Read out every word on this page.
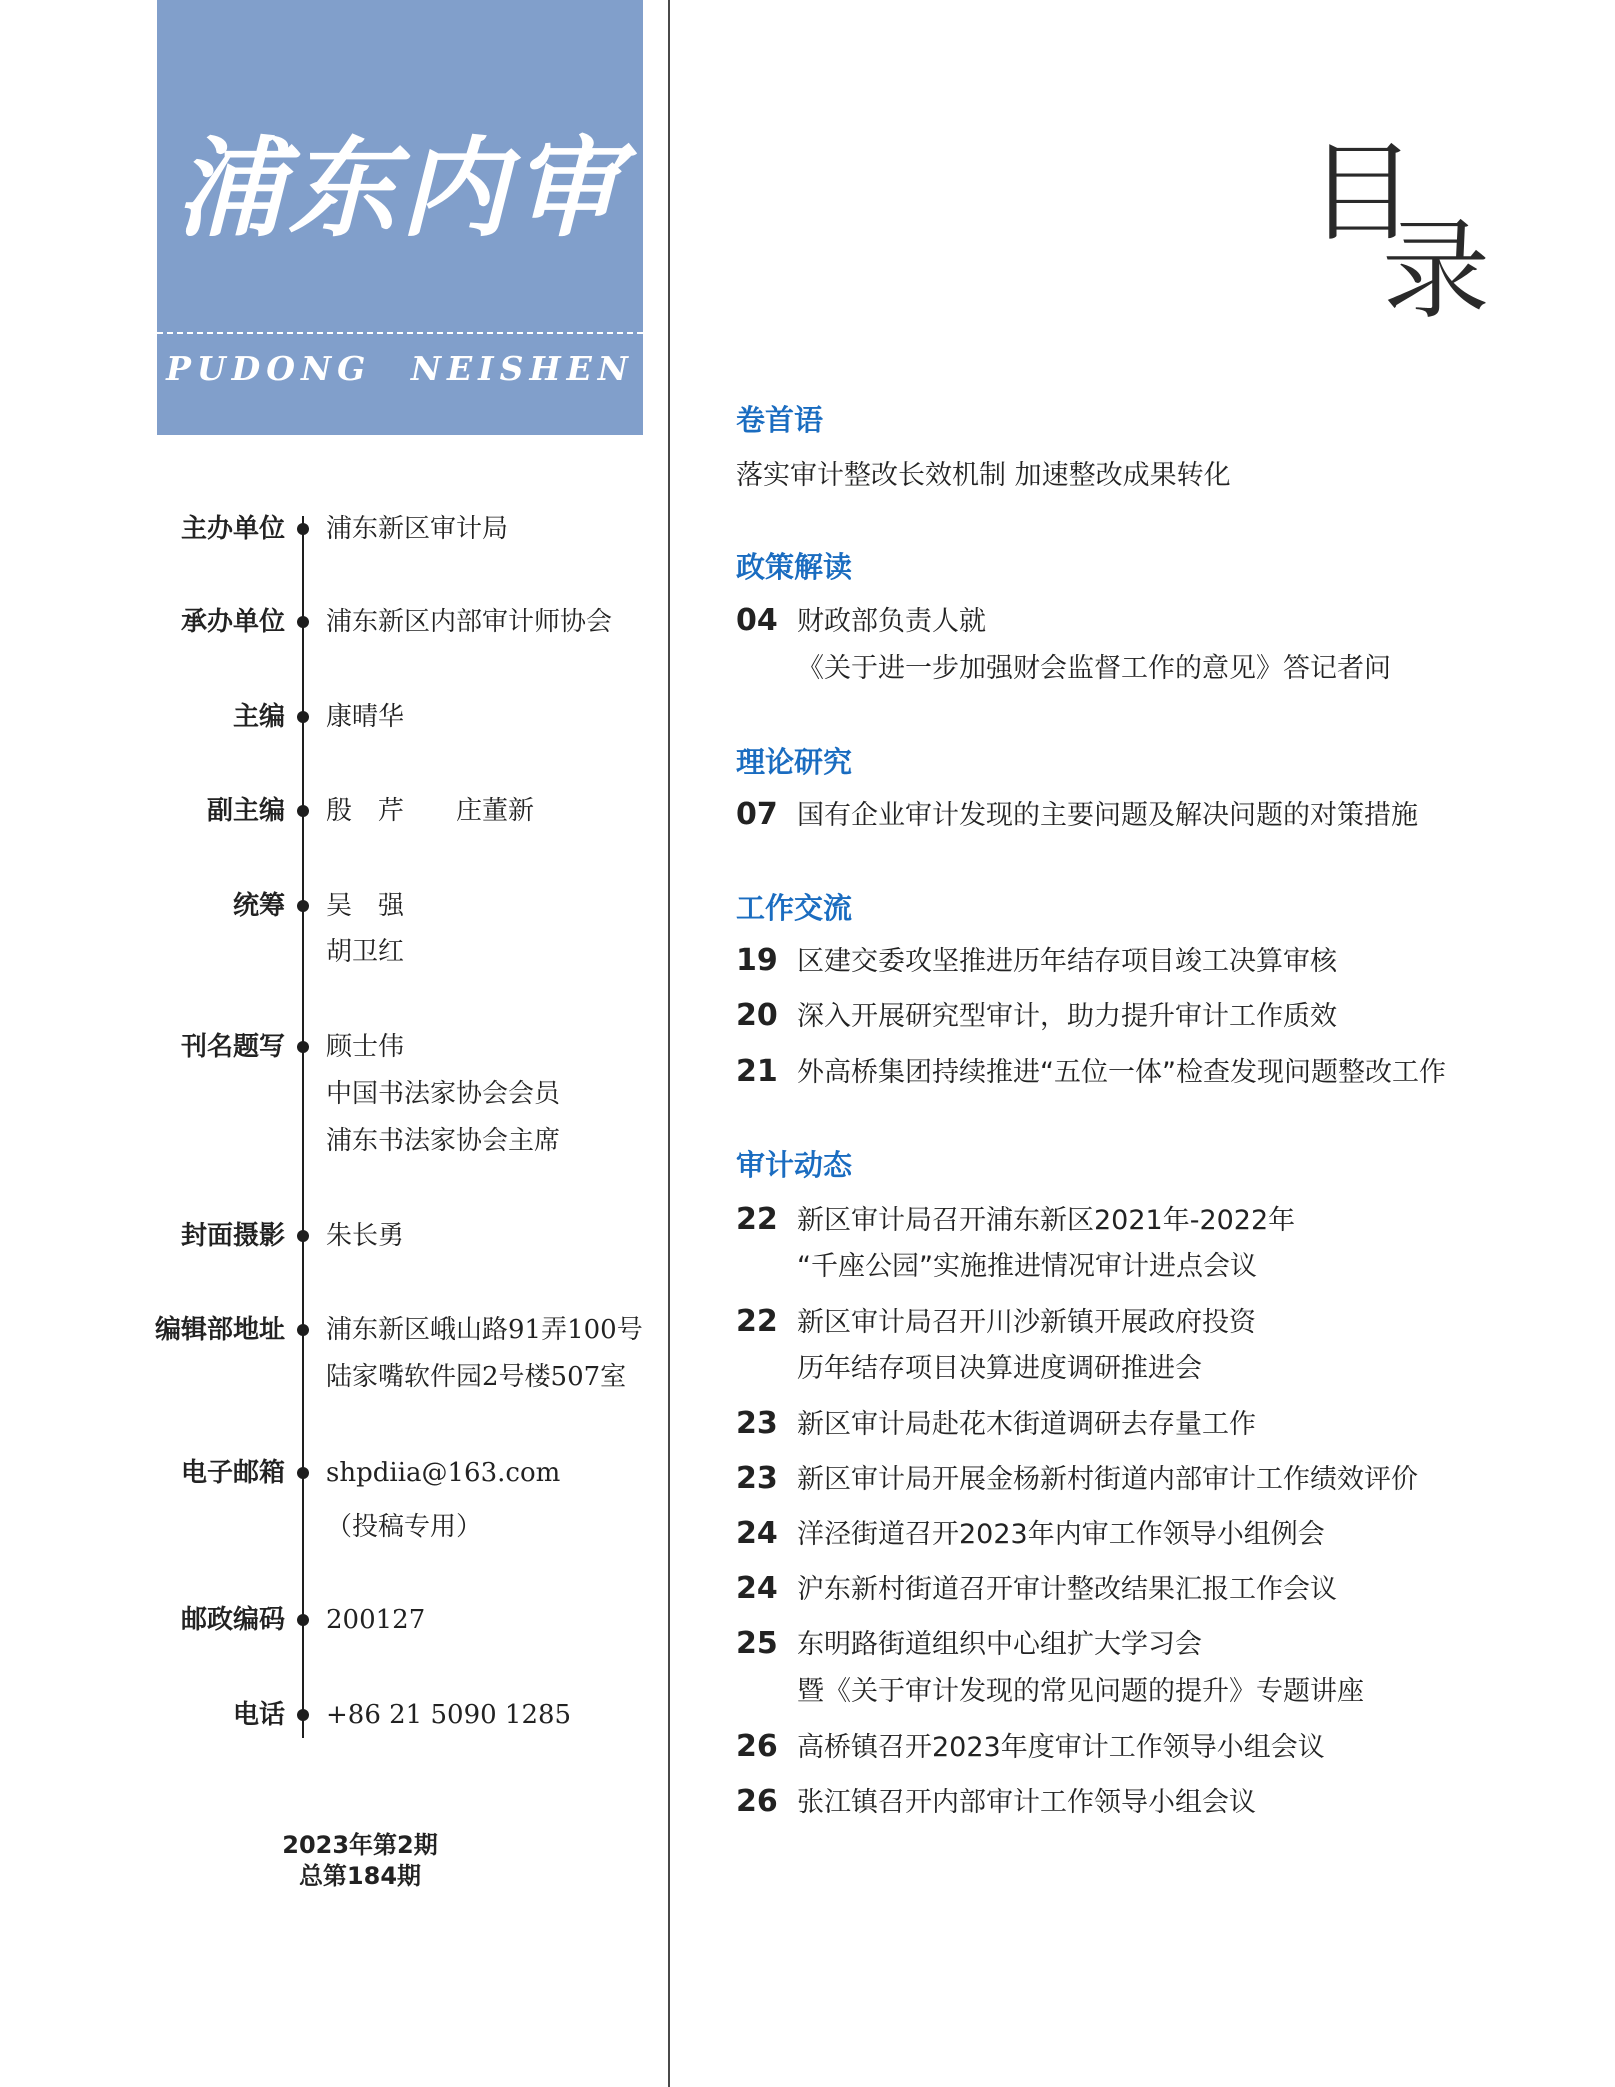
浦东内审
PUDONG NEISHEN
主办单位 浦东新区审计局
承办单位 浦东新区内部审计师协会
主编 康晴华
副主编 殷　芹　　庄董新
统筹 吴　强
胡卫红
刊名题写 顾士伟
中国书法家协会会员
浦东书法家协会主席
封面摄影 朱长勇
编辑部地址 浦东新区峨山路91弄100号
陆家嘴软件园2号楼507室
电子邮箱 shpdiia@163.com
（投稿专用）
邮政编码 200127
电话 +86 21 5090 1285
2023年第2期
总第184期
目
录
卷首语
落实审计整改长效机制 加速整改成果转化
政策解读
04 财政部负责人就
《关于进一步加强财会监督工作的意见》答记者问
理论研究
07 国有企业审计发现的主要问题及解决问题的对策措施
工作交流
19 区建交委攻坚推进历年结存项目竣工决算审核
20 深入开展研究型审计，助力提升审计工作质效
21 外高桥集团持续推进“五位一体”检查发现问题整改工作
审计动态
22 新区审计局召开浦东新区2021年-2022年
“千座公园”实施推进情况审计进点会议
22 新区审计局召开川沙新镇开展政府投资
历年结存项目决算进度调研推进会
23 新区审计局赴花木街道调研去存量工作
23 新区审计局开展金杨新村街道内部审计工作绩效评价
24 洋泾街道召开2023年内审工作领导小组例会
24 沪东新村街道召开审计整改结果汇报工作会议
25 东明路街道组织中心组扩大学习会
暨《关于审计发现的常见问题的提升》专题讲座
26 高桥镇召开2023年度审计工作领导小组会议
26 张江镇召开内部审计工作领导小组会议
